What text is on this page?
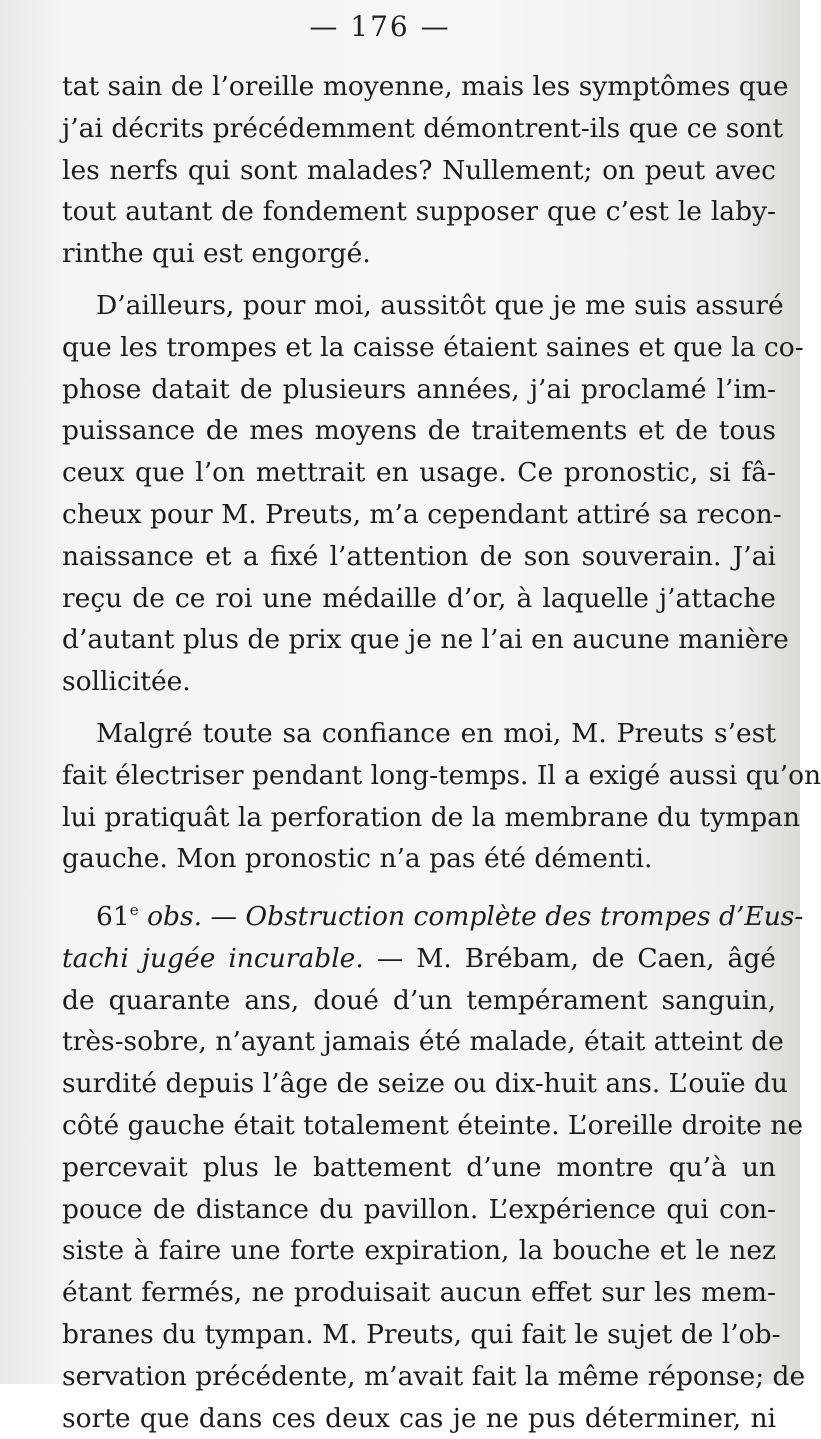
— 176 —
tat sain de l’oreille moyenne, mais les symptômes que
j’ai décrits précédemment démontrent-ils que ce sont
les nerfs qui sont malades? Nullement; on peut avec
tout autant de fondement supposer que c’est le laby-
rinthe qui est engorgé.
D’ailleurs, pour moi, aussitôt que je me suis assuré
que les trompes et la caisse étaient saines et que la co-
phose datait de plusieurs années, j’ai proclamé l’im-
puissance de mes moyens de traitements et de tous
ceux que l’on mettrait en usage. Ce pronostic, si fâ-
cheux pour M. Preuts, m’a cependant attiré sa recon-
naissance et a fixé l’attention de son souverain. J’ai
reçu de ce roi une médaille d’or, à laquelle j’attache
d’autant plus de prix que je ne l’ai en aucune manière
sollicitée.
Malgré toute sa confiance en moi, M. Preuts s’est
fait électriser pendant long-temps. Il a exigé aussi qu’on
lui pratiquât la perforation de la membrane du tympan
gauche. Mon pronostic n’a pas été démenti.
61e obs. — Obstruction complète des trompes d’Eus-
tachi jugée incurable. — M. Brébam, de Caen, âgé
de quarante ans, doué d’un tempérament sanguin,
très-sobre, n’ayant jamais été malade, était atteint de
surdité depuis l’âge de seize ou dix-huit ans. L’ouïe du
côté gauche était totalement éteinte. L’oreille droite ne
percevait plus le battement d’une montre qu’à un
pouce de distance du pavillon. L’expérience qui con-
siste à faire une forte expiration, la bouche et le nez
étant fermés, ne produisait aucun effet sur les mem-
branes du tympan. M. Preuts, qui fait le sujet de l’ob-
servation précédente, m’avait fait la même réponse; de
sorte que dans ces deux cas je ne pus déterminer, ni
